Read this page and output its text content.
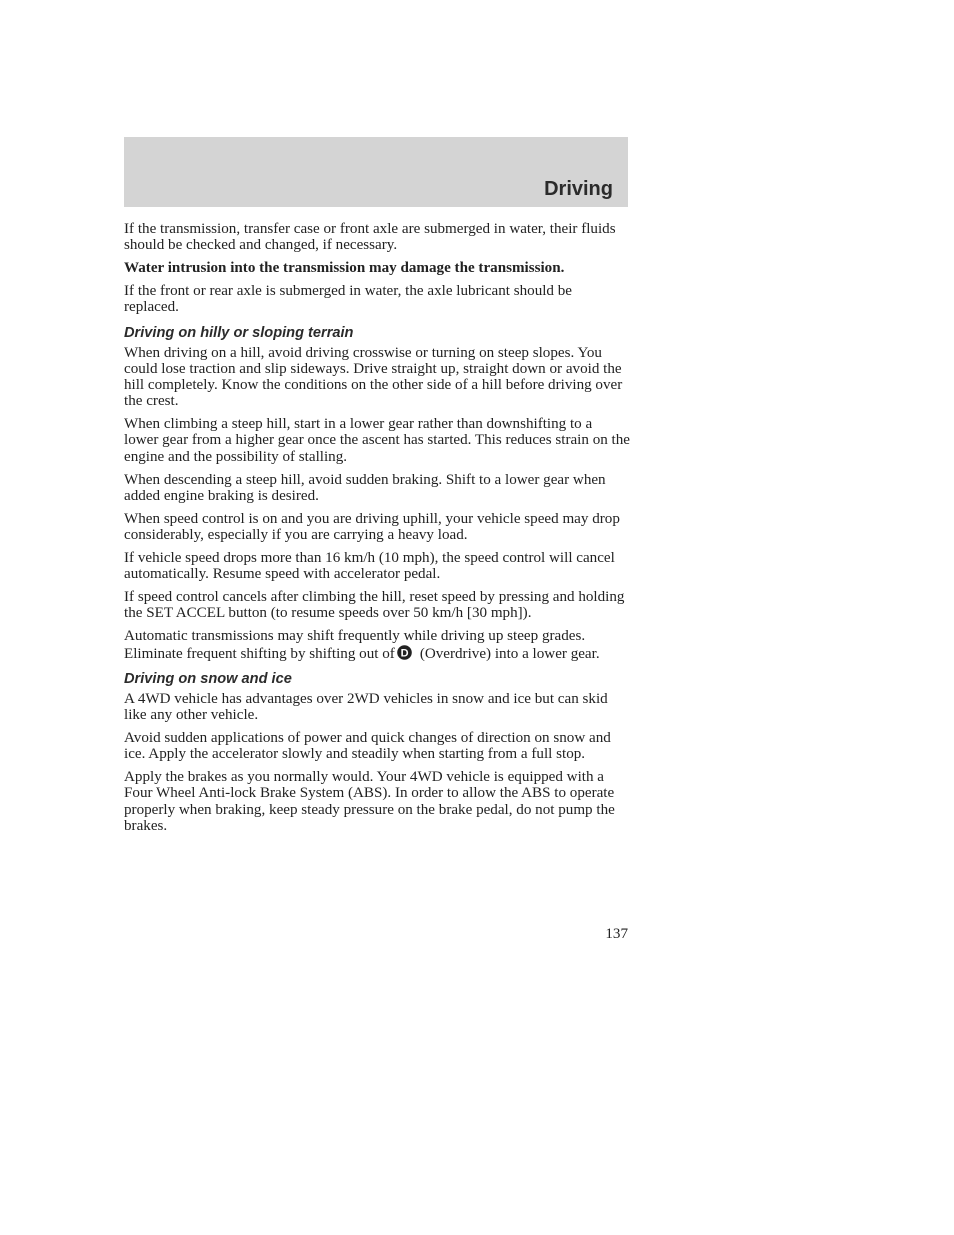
Driving

If the transmission, transfer case or front axle are submerged in water, their fluids should be checked and changed, if necessary.

Water intrusion into the transmission may damage the transmission.

If the front or rear axle is submerged in water, the axle lubricant should be replaced.

Driving on hilly or sloping terrain

When driving on a hill, avoid driving crosswise or turning on steep slopes. You could lose traction and slip sideways. Drive straight up, straight down or avoid the hill completely. Know the conditions on the other side of a hill before driving over the crest.

When climbing a steep hill, start in a lower gear rather than downshifting to a lower gear from a higher gear once the ascent has started. This reduces strain on the engine and the possibility of stalling.

When descending a steep hill, avoid sudden braking. Shift to a lower gear when added engine braking is desired.

When speed control is on and you are driving uphill, your vehicle speed may drop considerably, especially if you are carrying a heavy load.

If vehicle speed drops more than 16 km/h (10 mph), the speed control will cancel automatically. Resume speed with accelerator pedal.

If speed control cancels after climbing the hill, reset speed by pressing and holding the SET ACCEL button (to resume speeds over 50 km/h [30 mph]).

Automatic transmissions may shift frequently while driving up steep grades. Eliminate frequent shifting by shifting out of D (Overdrive) into a lower gear.

Driving on snow and ice

A 4WD vehicle has advantages over 2WD vehicles in snow and ice but can skid like any other vehicle.

Avoid sudden applications of power and quick changes of direction on snow and ice. Apply the accelerator slowly and steadily when starting from a full stop.

Apply the brakes as you normally would. Your 4WD vehicle is equipped with a Four Wheel Anti-lock Brake System (ABS). In order to allow the ABS to operate properly when braking, keep steady pressure on the brake pedal, do not pump the brakes.

137
